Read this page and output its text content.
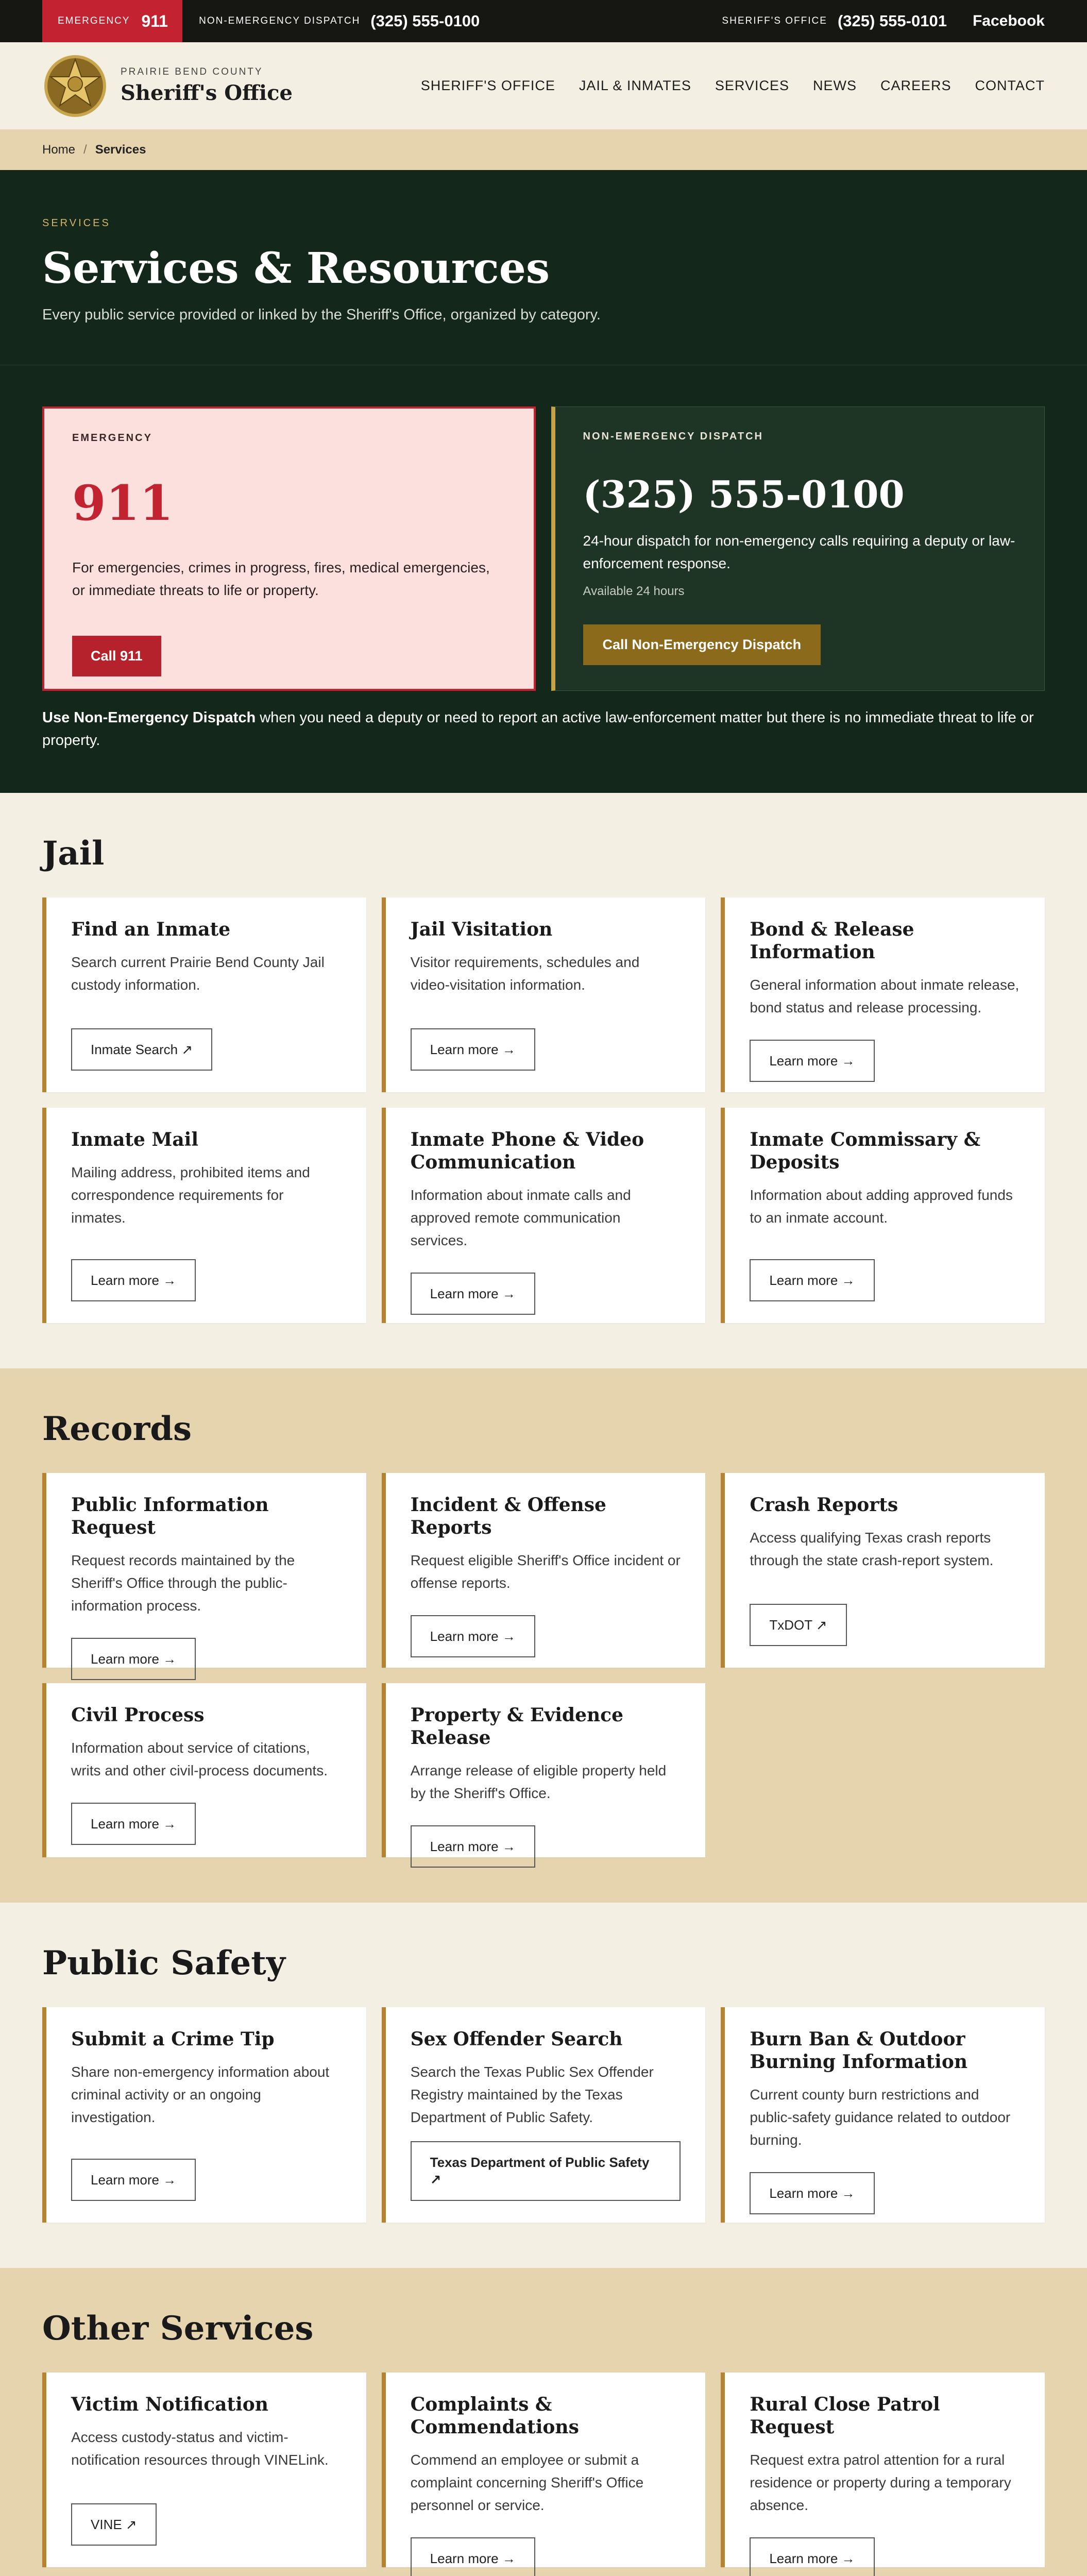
EMERGENCY 911	NON-EMERGENCY DISPATCH (325) 555-0100	SHERIFF'S OFFICE (325) 555-0101 Facebook
PRAIRIE BEND COUNTY
Sheriff's Office	SHERIFF'S OFFICE JAIL & INMATES SERVICES NEWS CAREERS CONTACT
Home / Services
SERVICES
Services & Resources

Every public service provided or linked by the Sheriff's Office, organized by category.

EMERGENCY
911
For emergencies, crimes in progress, fires, medical emergencies, or immediate threats to life or property.
Call 911
NON-EMERGENCY DISPATCH
(325) 555-0100
24-hour dispatch for non-emergency calls requiring a deputy or law-enforcement response.
Available 24 hours
Call Non-Emergency Dispatch

Use Non-Emergency Dispatch when you need a deputy or need to report an active law-enforcement matter but there is no immediate threat to life or property.

Jail
Find an Inmate

Search current Prairie Bend County Jail custody information.

Inmate Search ↗
Jail Visitation

Visitor requirements, schedules and video-visitation information.

Learn more →
Bond & Release Information

General information about inmate release, bond status and release processing.

Learn more →
Inmate Mail

Mailing address, prohibited items and correspondence requirements for inmates.

Learn more →
Inmate Phone & Video Communication

Information about inmate calls and approved remote communication services.

Learn more →
Inmate Commissary & Deposits

Information about adding approved funds to an inmate account.

Learn more →
Records
Public Information Request

Request records maintained by the Sheriff's Office through the public-information process.

Learn more →
Incident & Offense Reports

Request eligible Sheriff's Office incident or offense reports.

Learn more →
Crash Reports

Access qualifying Texas crash reports through the state crash-report system.

TxDOT ↗
Civil Process

Information about service of citations, writs and other civil-process documents.

Learn more →
Property & Evidence Release

Arrange release of eligible property held by the Sheriff's Office.

Learn more →
Public Safety
Submit a Crime Tip

Share non-emergency information about criminal activity or an ongoing investigation.

Learn more →
Sex Offender Search

Search the Texas Public Sex Offender Registry maintained by the Texas Department of Public Safety.

Texas Department of Public Safety ↗
Burn Ban & Outdoor Burning Information

Current county burn restrictions and public-safety guidance related to outdoor burning.

Learn more →
Other Services
Victim Notification

Access custody-status and victim-notification resources through VINELink.

VINE ↗
Complaints & Commendations

Commend an employee or submit a complaint concerning Sheriff's Office personnel or service.

Learn more →
Rural Close Patrol Request

Request extra patrol attention for a rural residence or property during a temporary absence.

Learn more →
